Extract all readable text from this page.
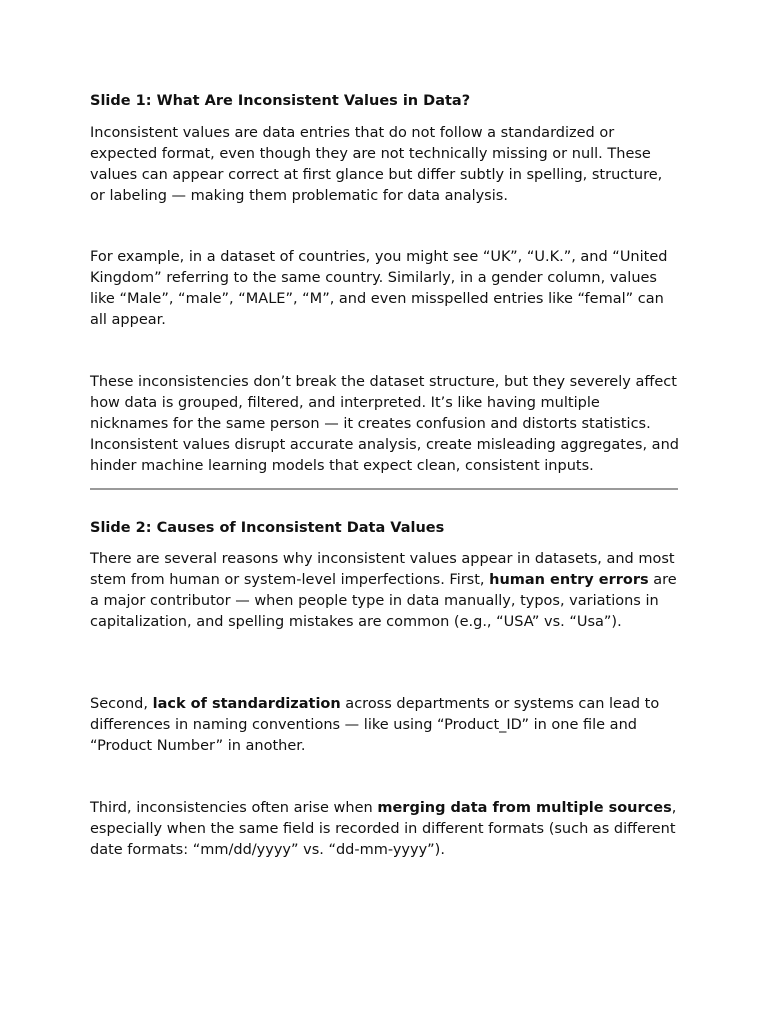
Slide 1: What Are Inconsistent Values in Data?

Inconsistent values are data entries that do not follow a standardized or expected format, even though they are not technically missing or null. These values can appear correct at first glance but differ subtly in spelling, structure, or labeling — making them problematic for data analysis.

For example, in a dataset of countries, you might see “UK”, “U.K.”, and “United Kingdom” referring to the same country. Similarly, in a gender column, values like “Male”, “male”, “MALE”, “M”, and even misspelled entries like “femal” can all appear.

These inconsistencies don’t break the dataset structure, but they severely affect how data is grouped, filtered, and interpreted. It’s like having multiple nicknames for the same person — it creates confusion and distorts statistics. Inconsistent values disrupt accurate analysis, create misleading aggregates, and hinder machine learning models that expect clean, consistent inputs.

Slide 2: Causes of Inconsistent Data Values

There are several reasons why inconsistent values appear in datasets, and most stem from human or system-level imperfections. First, human entry errors are a major contributor — when people type in data manually, typos, variations in capitalization, and spelling mistakes are common (e.g., “USA” vs. “Usa”).

Second, lack of standardization across departments or systems can lead to differences in naming conventions — like using “Product_ID” in one file and “Product Number” in another.

Third, inconsistencies often arise when merging data from multiple sources, especially when the same field is recorded in different formats (such as different date formats: “mm/dd/yyyy” vs. “dd-mm-yyyy”).
